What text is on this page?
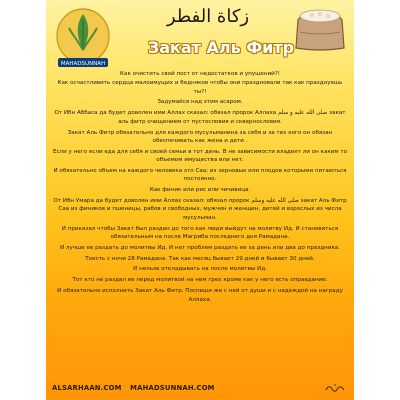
MAHADSUNNAH
زكاة الفطر
Закат Аль Фитр

Как очистить свой пост от недостатков и упущений?!

Как осчастливить сердца малоимущих и бедняков чтобы они праздновали так как празднуешь ты?!

Задумайся над этим асаром.

От Ибн Аббаса да будет доволен ими Аллах сказал: обязал пророк Аллаха صلى الله عليه و سلم закат аль фитр очищением от пустословия и скверноcловия.

Закат Аль Фитр обязательно для каждого мусульманина за себя и за тех кого он обязан обеспечивать как жена и дети .

Если у него если еда для себя и своей семьи в тот день. В не зависимости владеет ли он каким то объемом имущества или нет.

И обязательно объем на каждого человека это Саа; из зерновых или плодов которыми питаються постоянно.

Как финик или рис или чичивица.

От Ибн Умара да будет доволен ими Аллах сказал: обязал пророк صلى الله عليه وسلم закат Аль Фитр Саа из фиников и пшеницы, рабов и свободных, мужчин и женщин, детей и взрослых из числа мусульман.

И приказал чтобы Закат был раздан до того как люди выйдут на молитву Ид. И становиться обязательным на после Магриба последнего дня Рамадана.

И лучше ее раздать до молитвы Ид. И нет проблем раздать ее за день или два до праздника.

Тоесть с ночи 28 Рамадана. Так как месяц бывает 29 дней и бывает 30 дней.

И нельзе откладывать на после молитвы Ид.

Тот кто не раздал ее перед молитвой на нем грех кроме как у него есть оправдание.

И обязательно исполнить Закат Аль Фитр. Поспеши же с ней от души и с надеждой на награду Аллаха.

ALSARHAAN.COM MAHADSUNNAH.COM
